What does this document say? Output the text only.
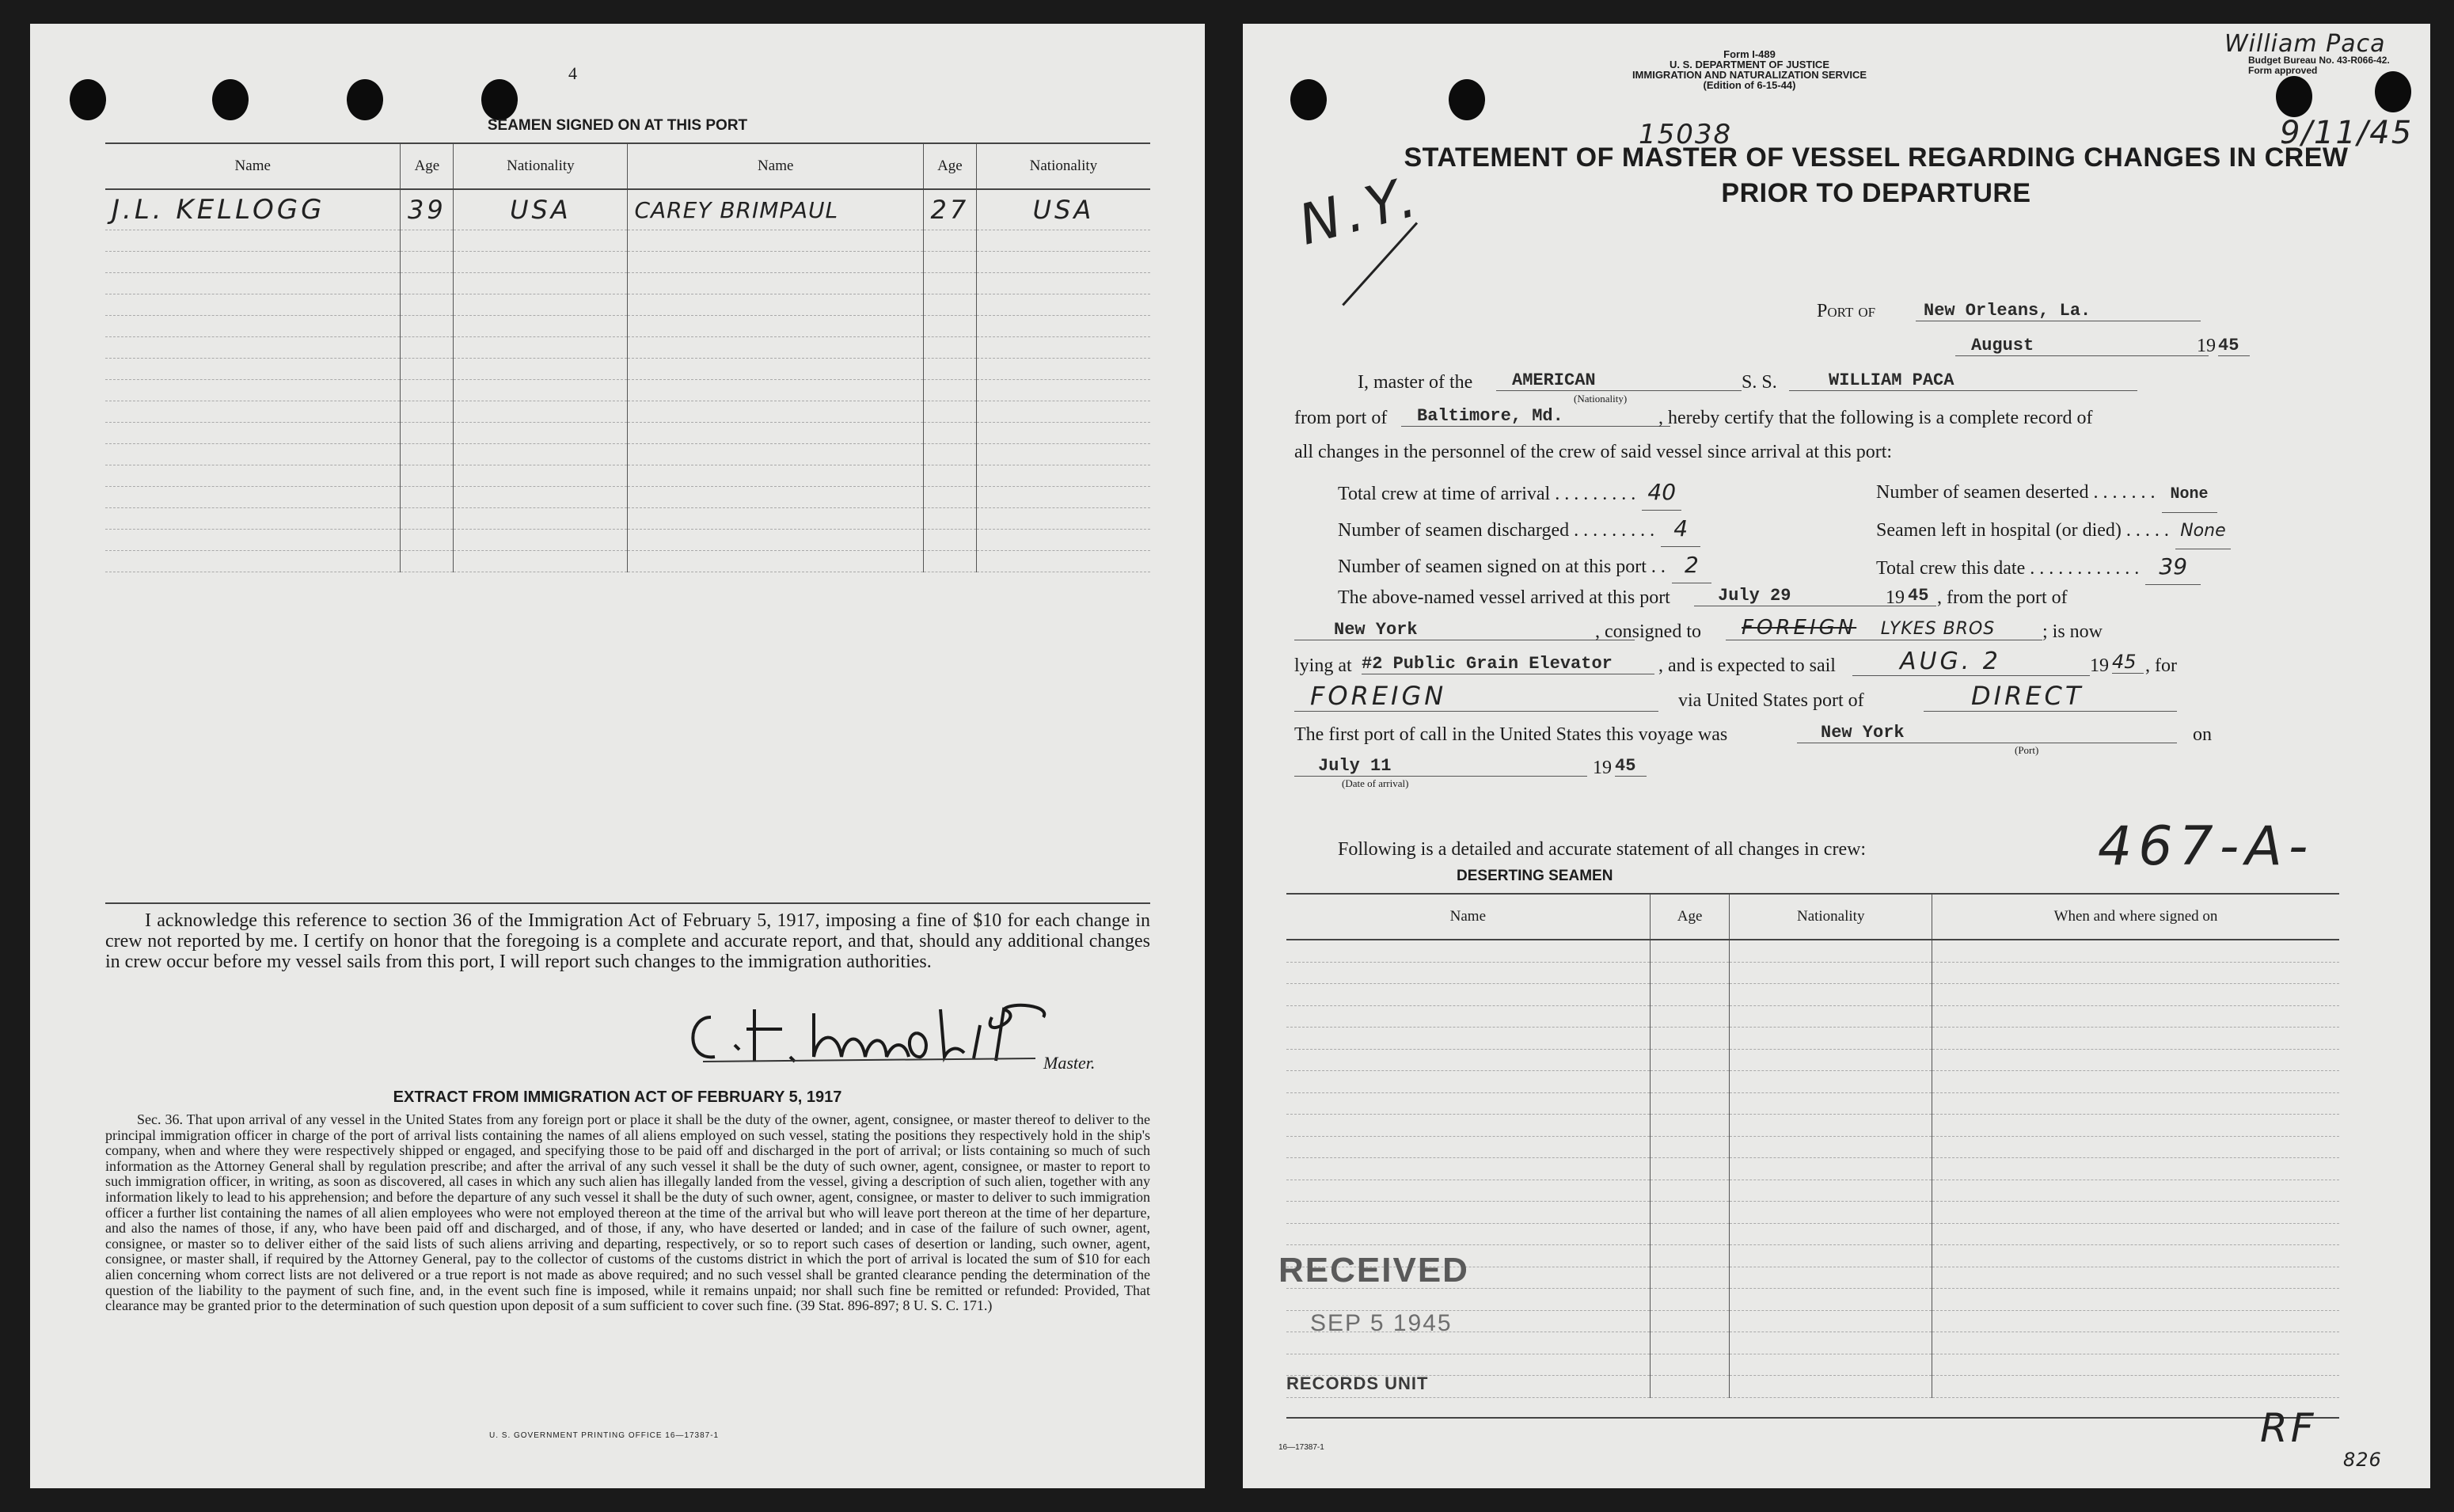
4
SEAMEN SIGNED ON AT THIS PORT
Name	Age	Nationality	Name	Age	Nationality
J.L. KELLOGG	39	USA	CAREY BRIMPAUL	27	USA

I acknowledge this reference to section 36 of the Immigration Act of February 5, 1917, imposing a fine of $10 for each change in crew not reported by me. I certify on honor that the foregoing is a complete and accurate report, and that, should any additional changes in crew occur before my vessel sails from this port, I will report such changes to the immigration authorities.
Master.
EXTRACT FROM IMMIGRATION ACT OF FEBRUARY 5, 1917
Sec. 36. That upon arrival of any vessel in the United States from any foreign port or place it shall be the duty of the owner, agent, consignee, or master thereof to deliver to the principal immigration officer in charge of the port of arrival lists containing the names of all aliens employed on such vessel, stating the positions they respectively hold in the ship's company, when and where they were respectively shipped or engaged, and specifying those to be paid off and discharged in the port of arrival; or lists containing so much of such information as the Attorney General shall by regulation prescribe; and after the arrival of any such vessel it shall be the duty of such owner, agent, consignee, or master to report to such immigration officer, in writing, as soon as discovered, all cases in which any such alien has illegally landed from the vessel, giving a description of such alien, together with any information likely to lead to his apprehension; and before the departure of any such vessel it shall be the duty of such owner, agent, consignee, or master to deliver to such immigration officer a further list containing the names of all alien employees who were not employed thereon at the time of the arrival but who will leave port thereon at the time of her departure, and also the names of those, if any, who have been paid off and discharged, and of those, if any, who have deserted or landed; and in case of the failure of such owner, agent, consignee, or master so to deliver either of the said lists of such aliens arriving and departing, respectively, or so to report such cases of desertion or landing, such owner, agent, consignee, or master shall, if required by the Attorney General, pay to the collector of customs of the customs district in which the port of arrival is located the sum of $10 for each alien concerning whom correct lists are not delivered or a true report is not made as above required; and no such vessel shall be granted clearance pending the determination of the question of the liability to the payment of such fine, and, in the event such fine is imposed, while it remains unpaid; nor shall such fine be remitted or refunded: Provided, That clearance may be granted prior to the determination of such question upon deposit of a sum sufficient to cover such fine. (39 Stat. 896-897; 8 U. S. C. 171.)
U. S. GOVERNMENT PRINTING OFFICE 16—17387-1
Form I-489
U. S. DEPARTMENT OF JUSTICE
IMMIGRATION AND NATURALIZATION SERVICE
(Edition of 6-15-44)
Budget Bureau No. 43-R066-42.
Form approved
William Paca
9/11/45
15038
N.Y.
STATEMENT OF MASTER OF VESSEL REGARDING CHANGES IN CREW
PRIOR TO DEPARTURE
Port of	New Orleans, La.
August	19 45
I, master of the	AMERICAN
(Nationality)
S. S.	WILLIAM PACA
from port of	Baltimore, Md.	, hereby certify that the following is a complete record of
all changes in the personnel of the crew of said vessel since arrival at this port:
Total crew at time of arrival . . . . . . . . . 40
Number of seamen discharged . . . . . . . . . 4
Number of seamen signed on at this port . . 2
Number of seamen deserted . . . . . . . None
Seamen left in hospital (or died) . . . . . None
Total crew this date . . . . . . . . . . . . 39
The above-named vessel arrived at this port	July 29	19 45 , from the port of
New York	, consigned to	FOREIGN LYKES BROS	; is now
lying at #2 Public Grain Elevator	, and is expected to sail	AUG. 2	19 45 , for
FOREIGN	via United States port of	DIRECT
The first port of call in the United States this voyage was	New York
(Port)
on
July 11
(Date of arrival)
19 45
Following is a detailed and accurate statement of all changes in crew:	467-A-
DESERTING SEAMEN
Name	Age	Nationality	When and where signed on

RECEIVED
SEP 5 1945
RECORDS UNIT
16—17387-1	RF
826
